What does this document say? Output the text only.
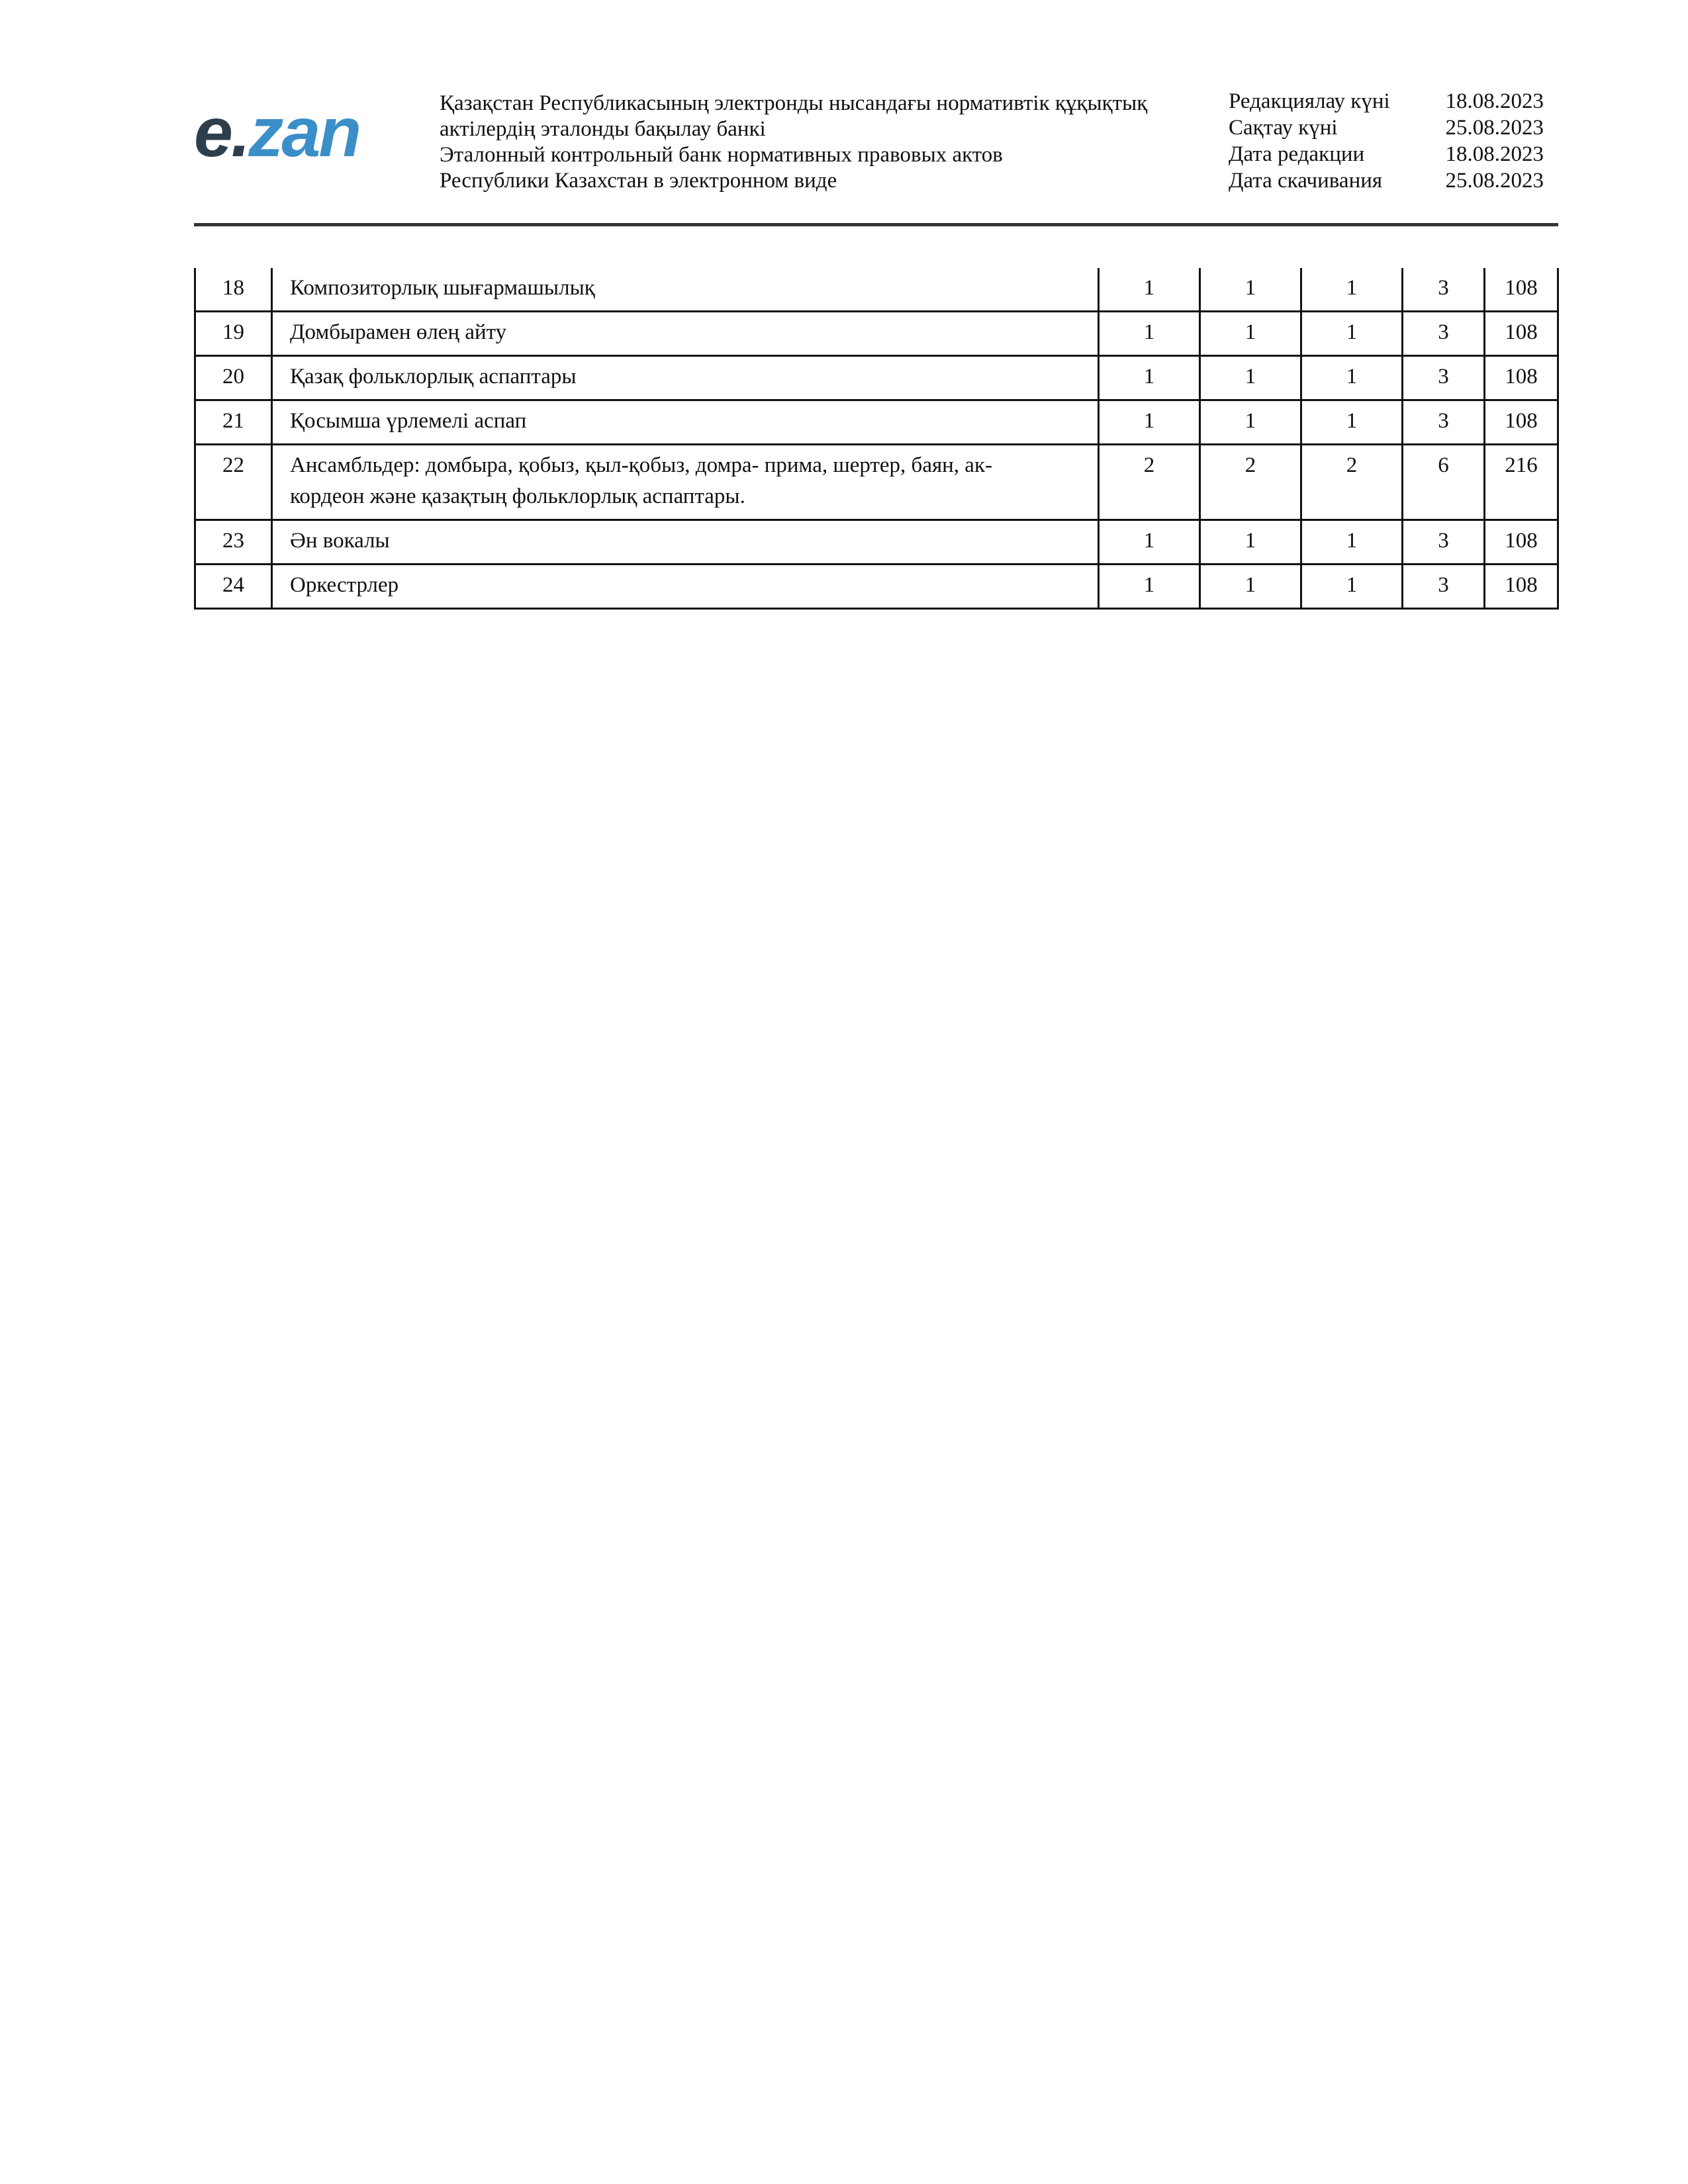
e.zan	Қазақстан Республикасының электронды нысандағы нормативтік құқықтық
актілердің эталонды бақылау банкі
Эталонный контрольный банк нормативных правовых актов
Республики Казахстан в электронном виде
Редакциялау күні	18.08.2023
Сақтау күні	25.08.2023
Дата редакции	18.08.2023
Дата скачивания	25.08.2023
18	Композиторлық шығармашылық	1	1	1	3	108
19	Домбырамен өлең айту	1	1	1	3	108
20	Қазақ фольклорлық аспаптары	1	1	1	3	108
21	Қосымша үрлемелі аспап	1	1	1	3	108
22	Ансамбльдер: домбыра, қобыз, қыл-қобыз, домра- прима, шертер, баян, ак-
кордеон және қазақтың фольклорлық аспаптары.	2	2	2	6	216
23	Ән вокалы	1	1	1	3	108
24	Оркестрлер	1	1	1	3	108
